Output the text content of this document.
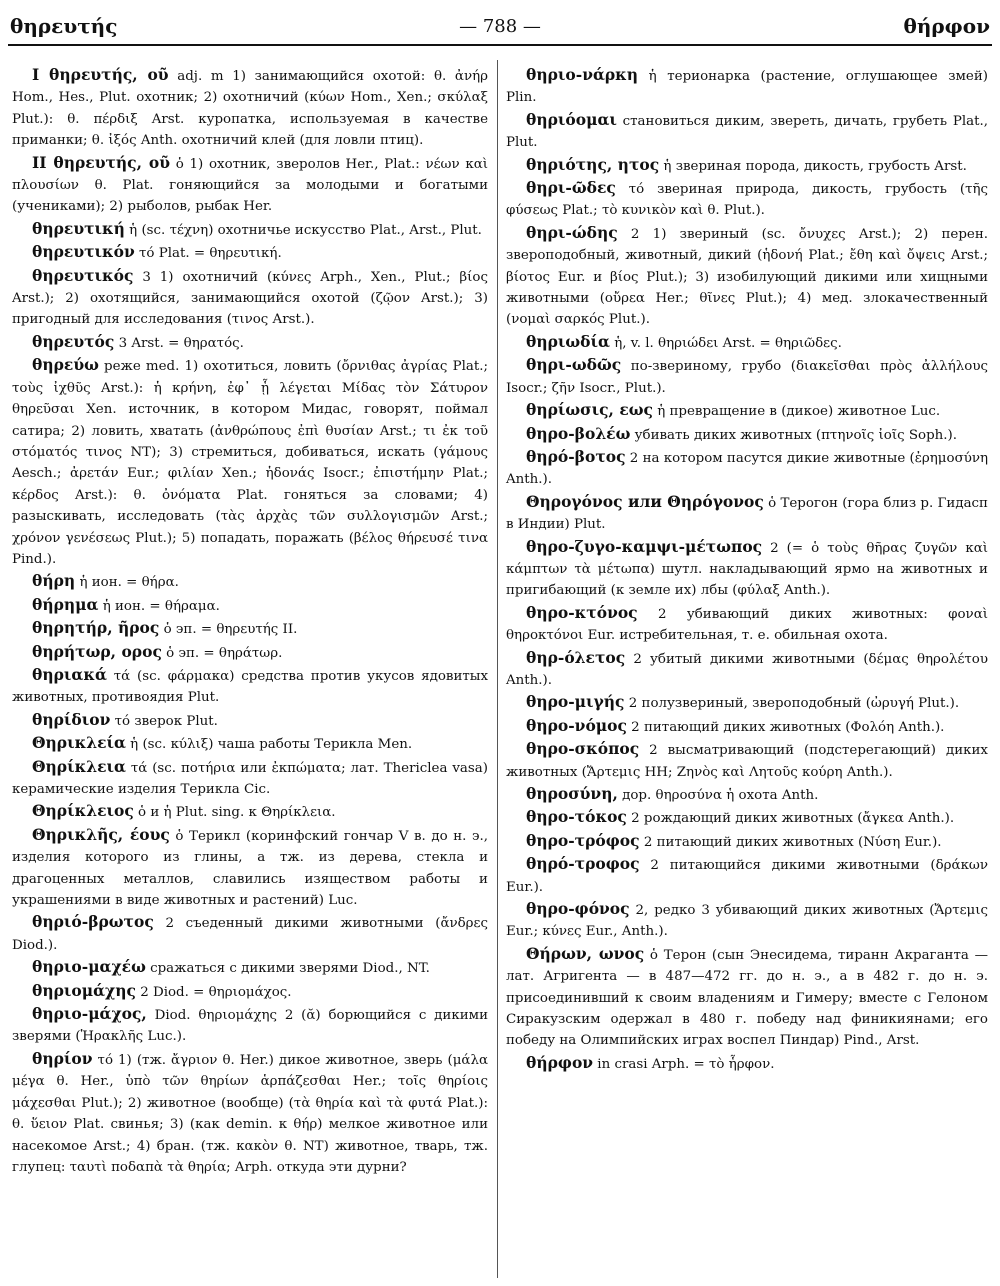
θηρευτής	— 788 —	θήρφον

I θηρευτής, οῦ adj. m 1) занимающийся охотой: θ. ἀνήρ Hom., Hes., Plut. охотник; 2) охотничий (κύων Hom., Xen.; σκύλαξ Plut.): θ. πέρδιξ Arst. куропатка, используемая в качестве приманки; θ. ἰξός Anth. охотничий клей (для ловли птиц).

II θηρευτής, οῦ ὁ 1) охотник, зверолов Her., Plat.: νέων καὶ πλουσίων θ. Plat. гоняющийся за молодыми и богатыми (учениками); 2) рыболов, рыбак Her.

θηρευτική ἡ (sc. τέχνη) охотничье искусство Plat., Arst., Plut.

θηρευτικόν τό Plat. = θηρευτική.

θηρευτικός 3 1) охотничий (κύνες Arph., Xen., Plut.; βίος Arst.); 2) охотящийся, занимающийся охотой (ζῷον Arst.); 3) пригодный для исследования (τινος Arst.).

θηρευτός 3 Arst. = θηρατός.

θηρεύω реже med. 1) охотиться, ловить (ὄρνιθας ἀγρίας Plat.; τοὺς ἰχθῦς Arst.): ἡ κρήνη, ἐφ᾽ ᾗ λέγεται Μίδας τὸν Σάτυρον θηρεῦσαι Xen. источник, в котором Мидас, говорят, поймал сатира; 2) ловить, хватать (ἀνθρώπους ἐπὶ θυσίαν Arst.; τι ἐκ τοῦ στόματός τινος NT); 3) стремиться, добиваться, искать (γάμους Aesch.; ἀρετάν Eur.; φιλίαν Xen.; ἡδονάς Isocr.; ἐπιστήμην Plat.; κέρδος Arst.): θ. ὀνόματα Plat. гоняться за словами; 4) разыскивать, исследовать (τὰς ἀρχὰς τῶν συλλογισμῶν Arst.; χρόνον γενέσεως Plut.); 5) попадать, поражать (βέλος θήρευσέ τινα Pind.).

θήρη ἡ ион. = θήρα.

θήρημα ἡ ион. = θήραμα.

θηρητήρ, ῆρος ὁ эп. = θηρευτής II.

θηρήτωρ, ορος ὁ эп. = θηράτωρ.

θηριακά τά (sc. φάρμακα) средства против укусов ядовитых животных, противоядия Plut.

θηρίδιον τό зверок Plut.

Θηρικλεία ἡ (sc. κύλιξ) чаша работы Терикла Men.

Θηρίκλεια τά (sc. ποτήρια или ἐκπώματα; лат. Thericlea vasa) керамические изделия Терикла Cic.

Θηρίκλειος ὁ и ἡ Plut. sing. к Θηρίκλεια.

Θηρικλῆς, έους ὁ Терикл (коринфский гончар V в. до н. э., изделия которого из глины, а тж. из дерева, стекла и драгоценных металлов, славились изяществом работы и украшениями в виде животных и растений) Luc.

θηριό-βρωτος 2 съеденный дикими животными (ἄνδρες Diod.).

θηριο-μαχέω сражаться с дикими зверями Diod., NT.

θηριομάχης 2 Diod. = θηριομάχος.

θηριο-μάχος, Diod. θηριομάχης 2 (ᾰ) борющийся с дикими зверями (Ἡρακλῆς Luc.).

θηρίον τό 1) (тж. ἄγριον θ. Her.) дикое животное, зверь (μάλα μέγα θ. Her., ὑπὸ τῶν θηρίων ἁρπάζεσθαι Her.; τοῖς θηρίοις μάχεσθαι Plut.); 2) животное (вообще) (τὰ θηρία καὶ τὰ φυτά Plat.): θ. ὕειον Plat. свинья; 3) (как demin. к θήρ) мелкое животное или насекомое Arst.; 4) бран. (тж. κακὸν θ. NT) животное, тварь, тж. глупец: ταυτὶ ποδαπὰ τὰ θηρία; Arph. откуда эти дурни?

θηριο-νάρκη ἡ терионарка (растение, оглушающее змей) Plin.

θηριόομαι становиться диким, звереть, дичать, грубеть Plat., Plut.

θηριότης, ητος ἡ звериная порода, дикость, грубость Arst.

θηρι-ῶδες τό звериная природа, дикость, грубость (τῆς φύσεως Plat.; τὸ κυνικὸν καὶ θ. Plut.).

θηρι-ώδης 2 1) звериный (sc. ὄνυχες Arst.); 2) перен. звероподобный, животный, дикий (ἡδονή Plat.; ἔθη καὶ ὄψεις Arst.; βίοτος Eur. и βίος Plut.); 3) изобилующий дикими или хищными животными (οὔρεα Her.; θῖνες Plut.); 4) мед. злокачественный (νομαὶ σαρκός Plut.).

θηριωδία ἡ, v. l. θηριώδει Arst. = θηριῶδες.

θηρι-ωδῶς по-звериному, грубо (διακεῖσθαι πρὸς ἀλλήλους Isocr.; ζῆν Isocr., Plut.).

θηρίωσις, εως ἡ превращение в (дикое) животное Luc.

θηρο-βολέω убивать диких животных (πτηνοῖς ἰοῖς Soph.).

θηρό-βοτος 2 на котором пасутся дикие животные (ἐρημοσύνη Anth.).

Θηρογόνος или Θηρόγονος ὁ Терогон (гора близ р. Гидасп в Индии) Plut.

θηρο-ζυγο-καμψι-μέτωπος 2 (= ὁ τοὺς θῆρας ζυγῶν καὶ κάμπτων τὰ μέτωπα) шутл. накладывающий ярмо на животных и пригибающий (к земле их) лбы (φύλαξ Anth.).

θηρο-κτόνος 2 убивающий диких животных: φοναὶ θηροκτόνοι Eur. истребительная, т. е. обильная охота.

θηρ-όλετος 2 убитый дикими животными (δέμας θηρολέτου Anth.).

θηρο-μιγής 2 полузвериный, звероподобный (ὠρυγή Plut.).

θηρο-νόμος 2 питающий диких животных (Φολόη Anth.).

θηρο-σκόπος 2 высматривающий (подстерегающий) диких животных (Ἄρτεμις HH; Ζηνὸς καὶ Λητοῦς κούρη Anth.).

θηροσύνη, дор. θηροσύνα ἡ охота Anth.

θηρο-τόκος 2 рождающий диких животных (ἄγκεα Anth.).

θηρο-τρόφος 2 питающий диких животных (Νύση Eur.).

θηρό-τροφος 2 питающийся дикими животными (δράκων Eur.).

θηρο-φόνος 2, редко 3 убивающий диких животных (Ἄρτεμις Eur.; κύνες Eur., Anth.).

Θήρων, ωνος ὁ Терон (сын Энесидема, тиранн Акраганта — лат. Агригента — в 487—472 гг. до н. э., а в 482 г. до н. э. присоединивший к своим владениям и Гимеру; вместе с Гелоном Сиракузским одержал в 480 г. победу над финикиянами; его победу на Олимпийских играх воспел Пиндар) Pind., Arst.

θήρφον in crasi Arph. = τὸ ἧρφον.
